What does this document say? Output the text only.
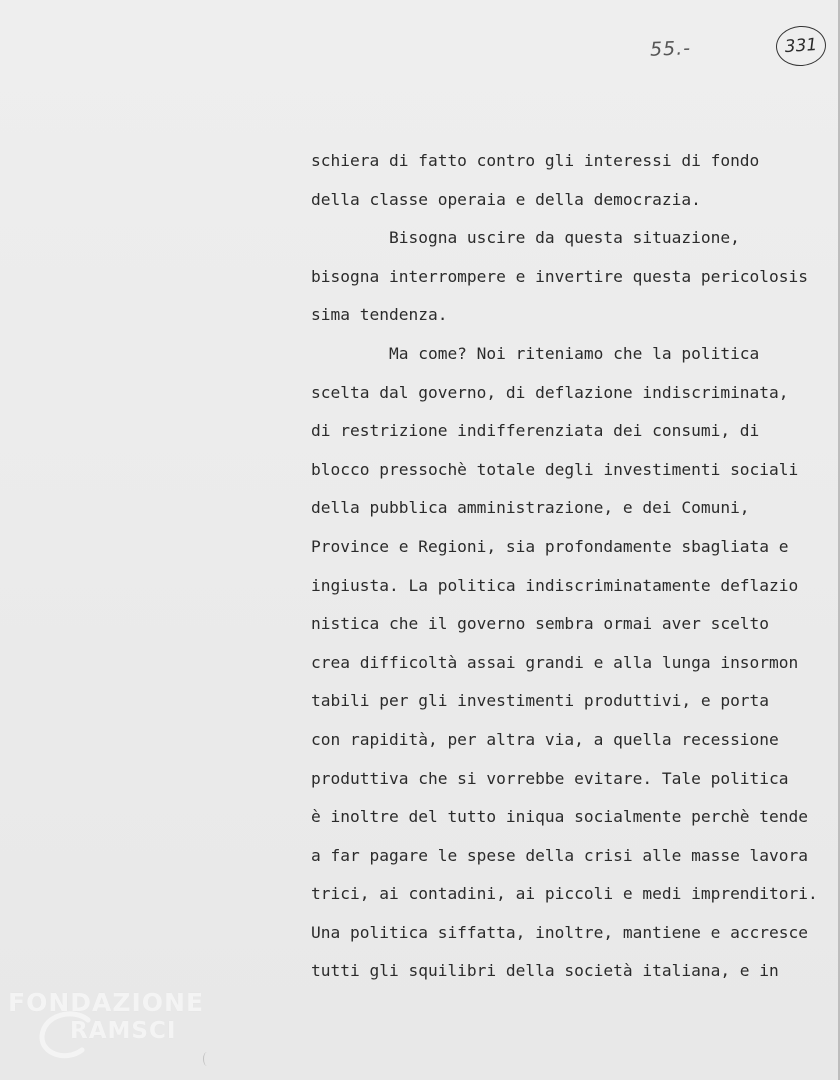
55.-	331
schiera di fatto contro gli interessi di fondo
della classe operaia e della democrazia.
Bisogna uscire da questa situazione,
bisogna interrompere e invertire questa pericolosis
sima tendenza.
Ma come? Noi riteniamo che la politica
scelta dal governo, di deflazione indiscriminata,
di restrizione indifferenziata dei consumi, di
blocco pressochè totale degli investimenti sociali
della pubblica amministrazione, e dei Comuni,
Province e Regioni, sia profondamente sbagliata e
ingiusta. La politica indiscriminatamente deflazio
nistica che il governo sembra ormai aver scelto
crea difficoltà assai grandi e alla lunga insormon
tabili per gli investimenti produttivi, e porta
con rapidità, per altra via, a quella recessione
produttiva che si vorrebbe evitare. Tale politica
è inoltre del tutto iniqua socialmente perchè tende
a far pagare le spese della crisi alle masse lavora
trici, ai contadini, ai piccoli e medi imprenditori.
Una politica siffatta, inoltre, mantiene e accresce
tutti gli squilibri della società italiana, e in
FONDAZIONE
RAMSCI
